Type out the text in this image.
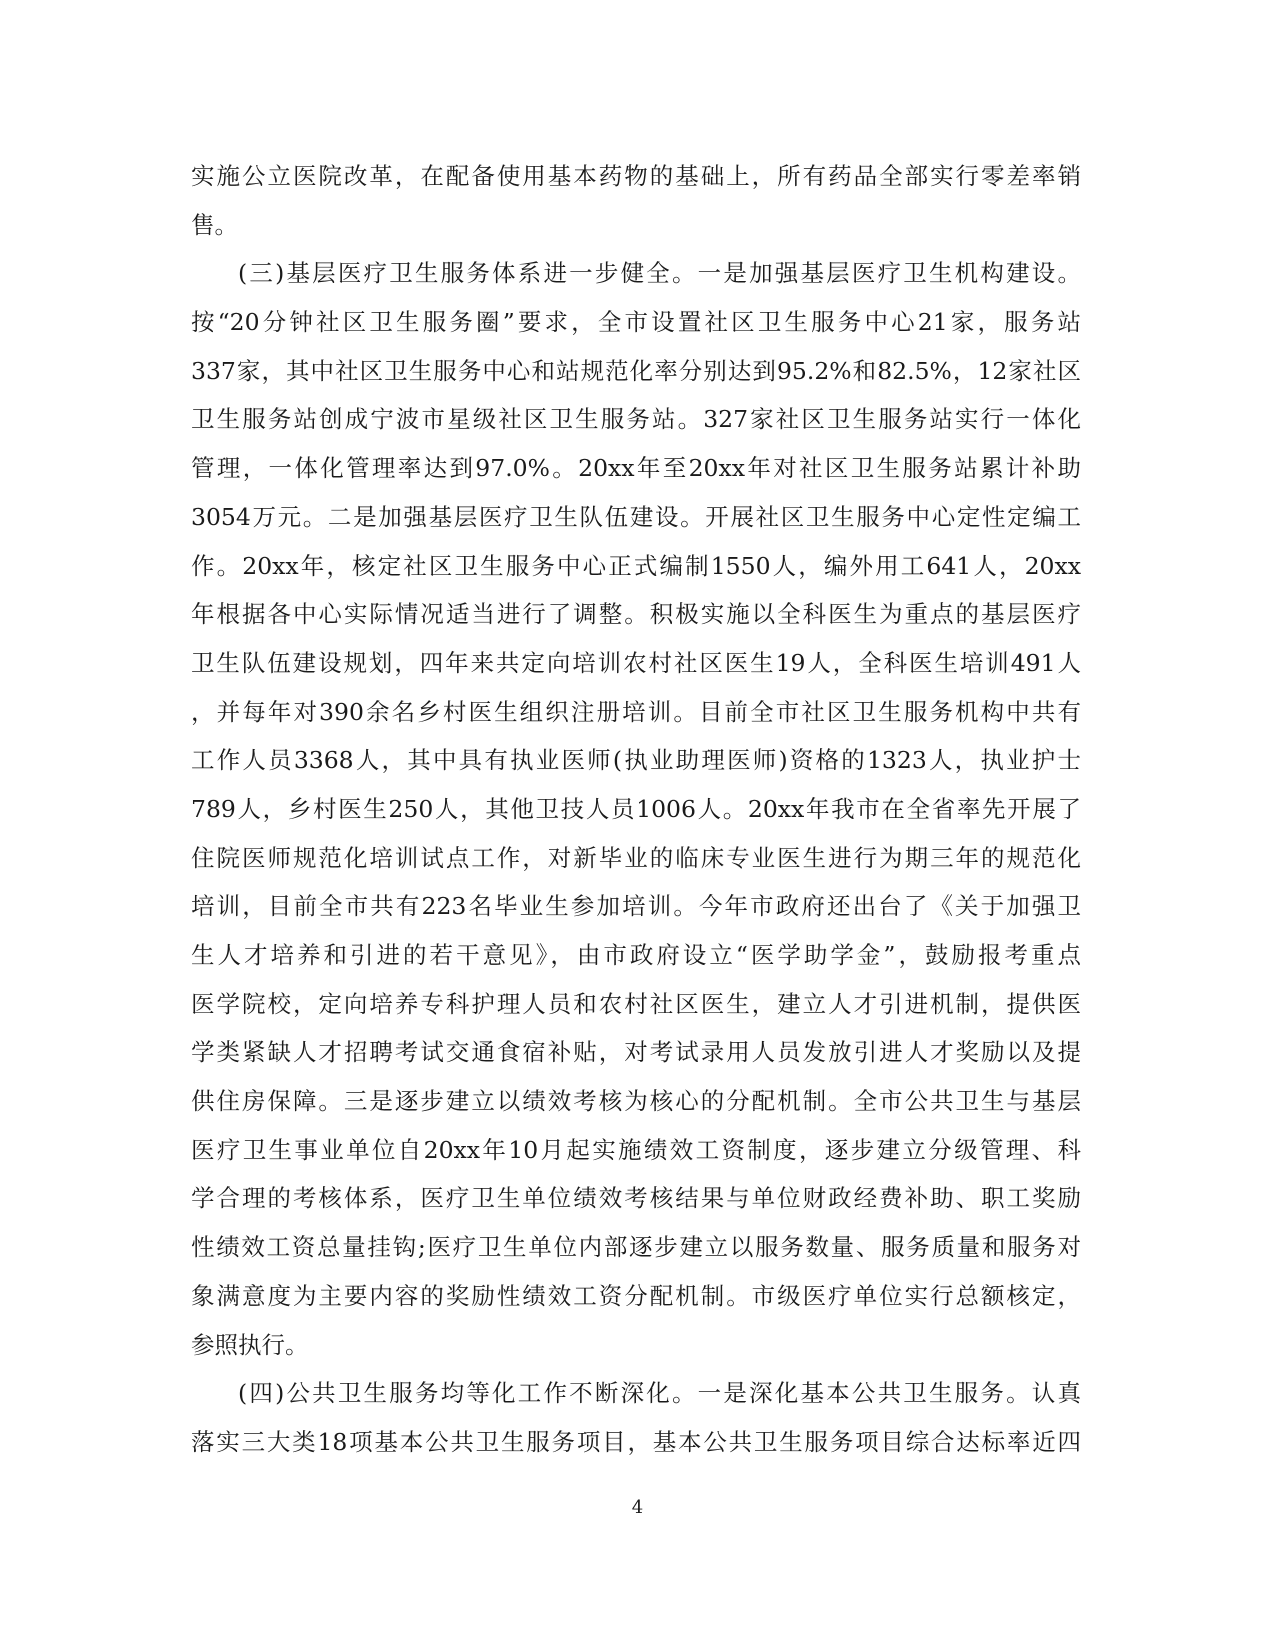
实施公立医院改革，在配备使用基本药物的基础上，所有药品全部实行零差率销
售。
(三)基层医疗卫生服务体系进一步健全。一是加强基层医疗卫生机构建设。
按“20分钟社区卫生服务圈”要求，全市设置社区卫生服务中心21家，服务站
337家，其中社区卫生服务中心和站规范化率分别达到95.2%和82.5%，12家社区
卫生服务站创成宁波市星级社区卫生服务站。327家社区卫生服务站实行一体化
管理，一体化管理率达到97.0%。20xx年至20xx年对社区卫生服务站累计补助
3054万元。二是加强基层医疗卫生队伍建设。开展社区卫生服务中心定性定编工
作。20xx年，核定社区卫生服务中心正式编制1550人，编外用工641人，20xx
年根据各中心实际情况适当进行了调整。积极实施以全科医生为重点的基层医疗
卫生队伍建设规划，四年来共定向培训农村社区医生19人，全科医生培训491人
，并每年对390余名乡村医生组织注册培训。目前全市社区卫生服务机构中共有
工作人员3368人，其中具有执业医师(执业助理医师)资格的1323人，执业护士
789人，乡村医生250人，其他卫技人员1006人。20xx年我市在全省率先开展了
住院医师规范化培训试点工作，对新毕业的临床专业医生进行为期三年的规范化
培训，目前全市共有223名毕业生参加培训。今年市政府还出台了《关于加强卫
生人才培养和引进的若干意见》，由市政府设立“医学助学金”，鼓励报考重点
医学院校，定向培养专科护理人员和农村社区医生，建立人才引进机制，提供医
学类紧缺人才招聘考试交通食宿补贴，对考试录用人员发放引进人才奖励以及提
供住房保障。三是逐步建立以绩效考核为核心的分配机制。全市公共卫生与基层
医疗卫生事业单位自20xx年10月起实施绩效工资制度，逐步建立分级管理、科
学合理的考核体系，医疗卫生单位绩效考核结果与单位财政经费补助、职工奖励
性绩效工资总量挂钩;医疗卫生单位内部逐步建立以服务数量、服务质量和服务对
象满意度为主要内容的奖励性绩效工资分配机制。市级医疗单位实行总额核定，
参照执行。
(四)公共卫生服务均等化工作不断深化。一是深化基本公共卫生服务。认真
落实三大类18项基本公共卫生服务项目，基本公共卫生服务项目综合达标率近四
4
